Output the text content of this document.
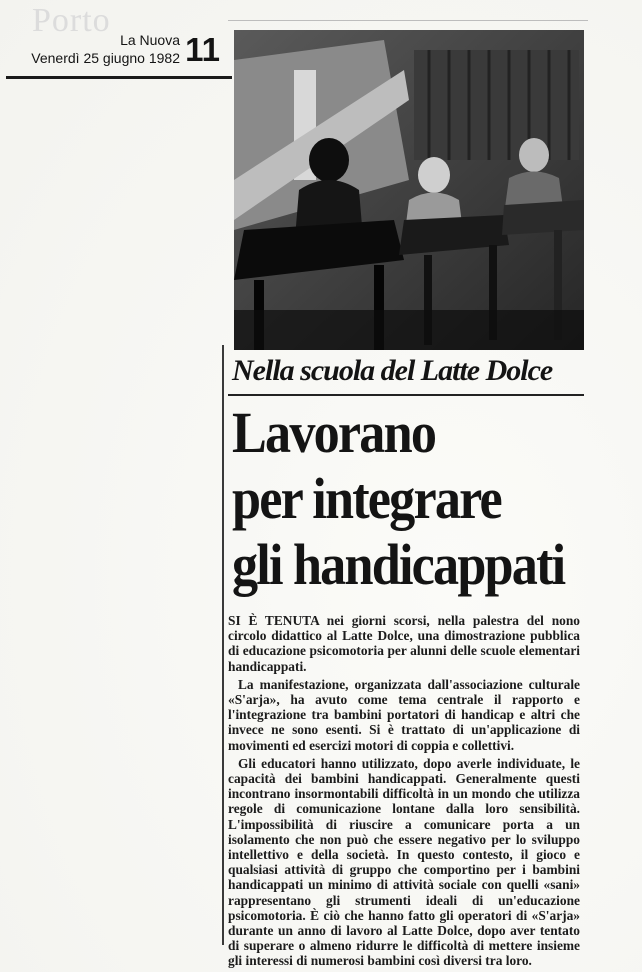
Porto
La Nuova
Venerdì 25 giugno 1982 11
Nella scuola del Latte Dolce
Lavorano
per integrare
gli handicappati

SI È TENUTA nei giorni scorsi, nella palestra del nono circolo didattico al Latte Dolce, una dimostrazione pubblica di educazione psicomotoria per alunni delle scuole elementari handicappati.

La manifestazione, organizzata dall'associazione culturale «S'arja», ha avuto come tema centrale il rapporto e l'integrazione tra bambini portatori di handicap e altri che invece ne sono esenti. Si è trattato di un'applicazione di movimenti ed esercizi motori di coppia e collettivi.

Gli educatori hanno utilizzato, dopo averle individuate, le capacità dei bambini handicappati. Generalmente questi incontrano insormontabili difficoltà in un mondo che utilizza regole di comunicazione lontane dalla loro sensibilità. L'impossibilità di riuscire a comunicare porta a un isolamento che non può che essere negativo per lo sviluppo intellettivo e della società. In questo contesto, il gioco e qualsiasi attività di gruppo che comportino per i bambini handicappati un minimo di attività sociale con quelli «sani» rappresentano gli strumenti ideali di un'educazione psicomotoria. È ciò che hanno fatto gli operatori di «S'arja» durante un anno di lavoro al Latte Dolce, dopo aver tentato di superare o almeno ridurre le difficoltà di mettere insieme gli interessi di numerosi bambini così diversi tra loro.
